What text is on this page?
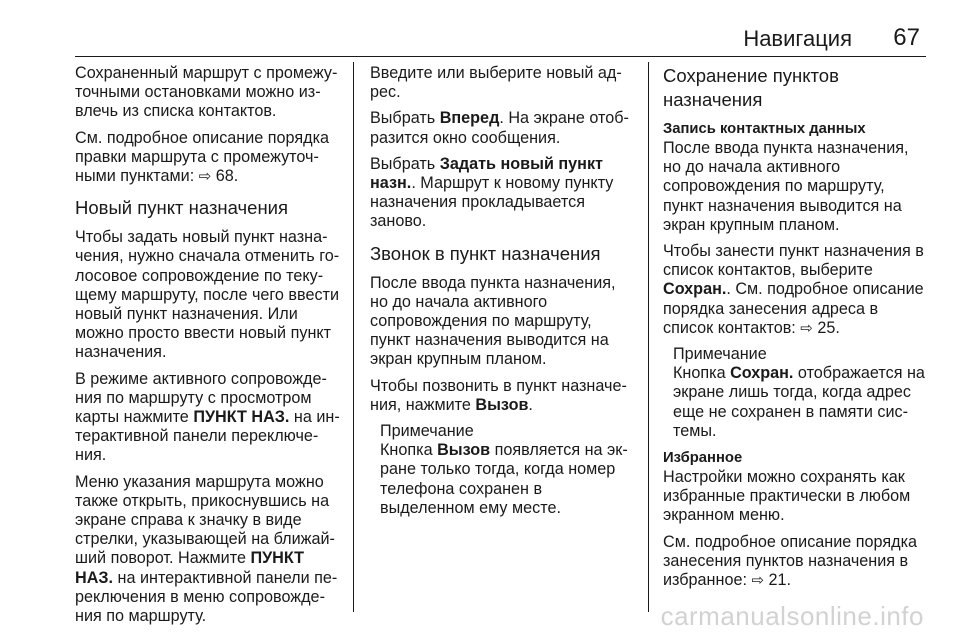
Навигация 67

Сохраненный маршрут с промежуточными остановками можно извлечь из списка контактов.

См. подробное описание порядка правки маршрута с промежуточными пунктами: ⇨ 68.

Новый пункт назначения

Чтобы задать новый пункт назначения, нужно сначала отменить голосовое сопровождение по текущему маршруту, после чего ввести новый пункт назначения. Или можно просто ввести новый пункт назначения.

В режиме активного сопровождения по маршруту с просмотром карты нажмите ПУНКТ НАЗ. на интерактивной панели переключения.

Меню указания маршрута можно также открыть, прикоснувшись на экране справа к значку в виде стрелки, указывающей на ближайший поворот. Нажмите ПУНКТ НАЗ. на интерактивной панели переключения в меню сопровождения по маршруту.

Введите или выберите новый адрес.

Выбрать Вперед. На экране отобразится окно сообщения.

Выбрать Задать новый пункт назн.. Маршрут к новому пункту назначения прокладывается заново.

Звонок в пункт назначения

После ввода пункта назначения, но до начала активного сопровождения по маршруту, пункт назначения выводится на экран крупным планом.

Чтобы позвонить в пункт назначения, нажмите Вызов.

Примечание

Кнопка Вызов появляется на экране только тогда, когда номер телефона сохранен в выделенном ему месте.

Сохранение пунктов назначения
Запись контактных данных

После ввода пункта назначения, но до начала активного сопровождения по маршруту, пункт назначения выводится на экран крупным планом.

Чтобы занести пункт назначения в список контактов, выберите Сохран.. См. подробное описание порядка занесения адреса в список контактов: ⇨ 25.

Примечание

Кнопка Сохран. отображается на экране лишь тогда, когда адрес еще не сохранен в памяти системы.

Избранное

Настройки можно сохранять как избранные практически в любом экранном меню.

См. подробное описание порядка занесения пунктов назначения в избранное: ⇨ 21.

carmanualsonline.info
